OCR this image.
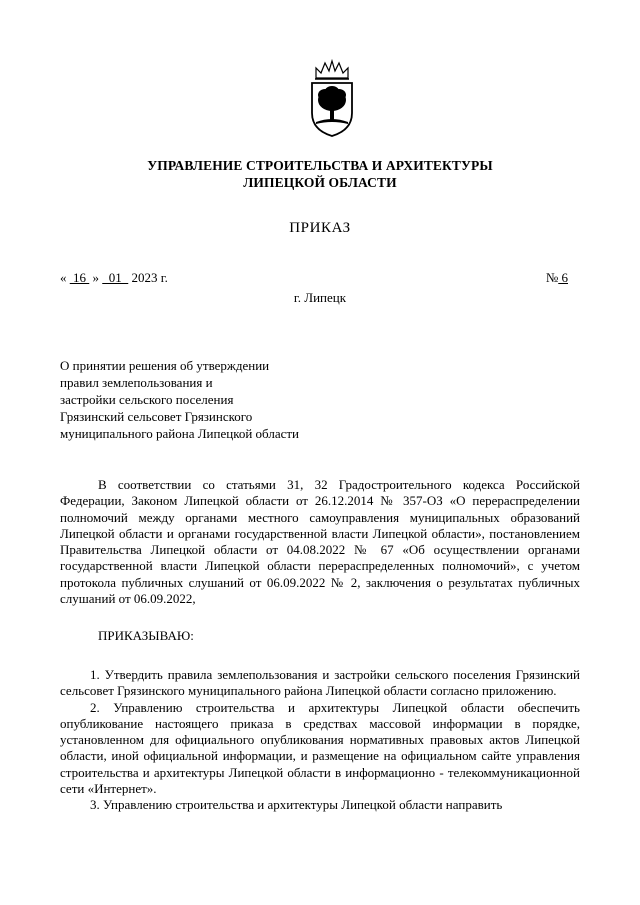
УПРАВЛЕНИЕ СТРОИТЕЛЬСТВА И АРХИТЕКТУРЫ
ЛИПЕЦКОЙ ОБЛАСТИ
ПРИКАЗ
«  16  »   01   2023 г.	№ 6
г. Липецк
О принятии решения об утверждении
правил землепользования и
застройки сельского поселения
Грязинский сельсовет Грязинского
муниципального района Липецкой области

В соответствии со статьями 31, 32 Градостроительного кодекса Российской Федерации, Законом Липецкой области от 26.12.2014 № 357-ОЗ «О перераспределении полномочий между органами местного самоуправления муниципальных образований Липецкой области и органами государственной власти Липецкой области», постановлением Правительства Липецкой области от 04.08.2022 № 67 «Об осуществлении органами государственной власти Липецкой области перераспределенных полномочий», с учетом протокола публичных слушаний от 06.09.2022 № 2, заключения о результатах публичных слушаний от 06.09.2022,

ПРИКАЗЫВАЮ:

1. Утвердить правила землепользования и застройки сельского поселения Грязинский сельсовет Грязинского муниципального района Липецкой области согласно приложению.

2. Управлению строительства и архитектуры Липецкой области обеспечить опубликование настоящего приказа в средствах массовой информации в порядке, установленном для официального опубликования нормативных правовых актов Липецкой области, иной официальной информации, и размещение на официальном сайте управления строительства и архитектуры Липецкой области в информационно - телекоммуникационной сети «Интернет».

3. Управлению строительства и архитектуры Липецкой области направить
